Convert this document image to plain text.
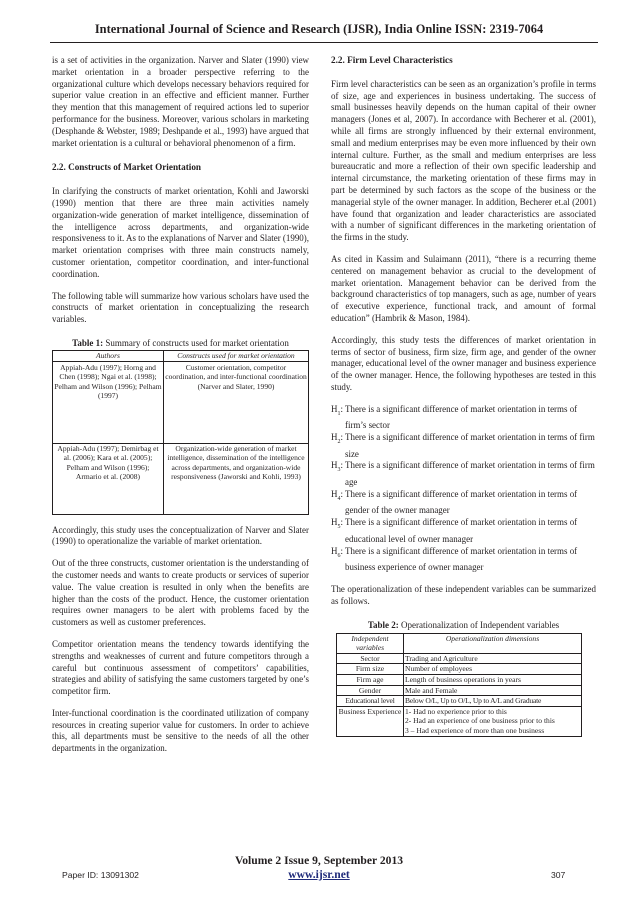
International Journal of Science and Research (IJSR), India Online ISSN: 2319-7064

is a set of activities in the organization. Narver and Slater (1990) view market orientation in a broader perspective referring to the organizational culture which develops necessary behaviors required for superior value creation in an effective and efficient manner. Further they mention that this management of required actions led to superior performance for the business. Moreover, various scholars in marketing (Desphande & Webster, 1989; Deshpande et al., 1993) have argued that market orientation is a cultural or behavioral phenomenon of a firm.

2.2. Constructs of Market Orientation

In clarifying the constructs of market orientation, Kohli and Jaworski (1990) mention that there are three main activities namely organization-wide generation of market intelligence, dissemination of the intelligence across departments, and organization-wide responsiveness to it. As to the explanations of Narver and Slater (1990), market orientation comprises with three main constructs namely, customer orientation, competitor coordination, and inter-functional coordination.

The following table will summarize how various scholars have used the constructs of market orientation in conceptualizing the research variables.

Table 1: Summary of constructs used for market orientation
Authors	Constructs used for market orientation
Appiah-Adu (1997); Horng and Chen (1998); Ngai et al. (1998); Pelham and Wilson (1996); Pelham (1997)	Customer orientation, competitor coordination, and inter-functional coordination (Narver and Slater, 1990)
Appiah-Adu (1997); Demirbag et al. (2006); Kara et al. (2005); Pelham and Wilson (1996); Armario et al. (2008)	Organization-wide generation of market intelligence, dissemination of the intelligence across departments, and organization-wide responsiveness (Jaworski and Kohli, 1993)

Accordingly, this study uses the conceptualization of Narver and Slater (1990) to operationalize the variable of market orientation.

Out of the three constructs, customer orientation is the understanding of the customer needs and wants to create products or services of superior value. The value creation is resulted in only when the benefits are higher than the costs of the product. Hence, the customer orientation requires owner managers to be alert with problems faced by the customers as well as customer preferences.

Competitor orientation means the tendency towards identifying the strengths and weaknesses of current and future competitors through a careful but continuous assessment of competitors’ capabilities, strategies and ability of satisfying the same customers targeted by one’s competitor firm.

Inter-functional coordination is the coordinated utilization of company resources in creating superior value for customers. In order to achieve this, all departments must be sensitive to the needs of all the other departments in the organization.

2.2. Firm Level Characteristics

Firm level characteristics can be seen as an organization’s profile in terms of size, age and experiences in business undertaking. The success of small businesses heavily depends on the human capital of their owner managers (Jones et al, 2007). In accordance with Becherer et al. (2001), while all firms are strongly influenced by their external environment, small and medium enterprises may be even more influenced by their own internal culture. Further, as the small and medium enterprises are less bureaucratic and more a reflection of their own specific leadership and internal circumstance, the marketing orientation of these firms may in part be determined by such factors as the scope of the business or the managerial style of the owner manager. In addition, Becherer et.al (2001) have found that organization and leader characteristics are associated with a number of significant differences in the marketing orientation of the firms in the study.

As cited in Kassim and Sulaimann (2011), “there is a recurring theme centered on management behavior as crucial to the development of market orientation. Management behavior can be derived from the background characteristics of top managers, such as age, number of years of executive experience, functional track, and amount of formal education” (Hambrik & Mason, 1984).

Accordingly, this study tests the differences of market orientation in terms of sector of business, firm size, firm age, and gender of the owner manager, educational level of the owner manager and business experience of the owner manager. Hence, the following hypotheses are tested in this study.

$H_1$: There is a significant difference of market orientation in terms of firm’s sector
$H_2$: There is a significant difference of market orientation in terms of firm size
$H_3$: There is a significant difference of market orientation in terms of firm age
$H_4$: There is a significant difference of market orientation in terms of gender of the owner manager
$H_5$: There is a significant difference of market orientation in terms of educational level of owner manager
$H_6$: There is a significant difference of market orientation in terms of business experience of owner manager

The operationalization of these independent variables can be summarized as follows.

Table 2: Operationalization of Independent variables
Independent variables	Operationalization dimensions
Sector	Trading and Agriculture
Firm size	Number of employees
Firm age	Length of business operations in years
Gender	Male and Female
Educational level	Below O/L, Up to O/L, Up to A/L and Graduate
Business Experience	1- Had no experience prior to this
2- Had an experience of one business prior to this
3 – Had experience of more than one business
Volume 2 Issue 9, September 2013
www.ijsr.net
Paper ID: 13091302	307
